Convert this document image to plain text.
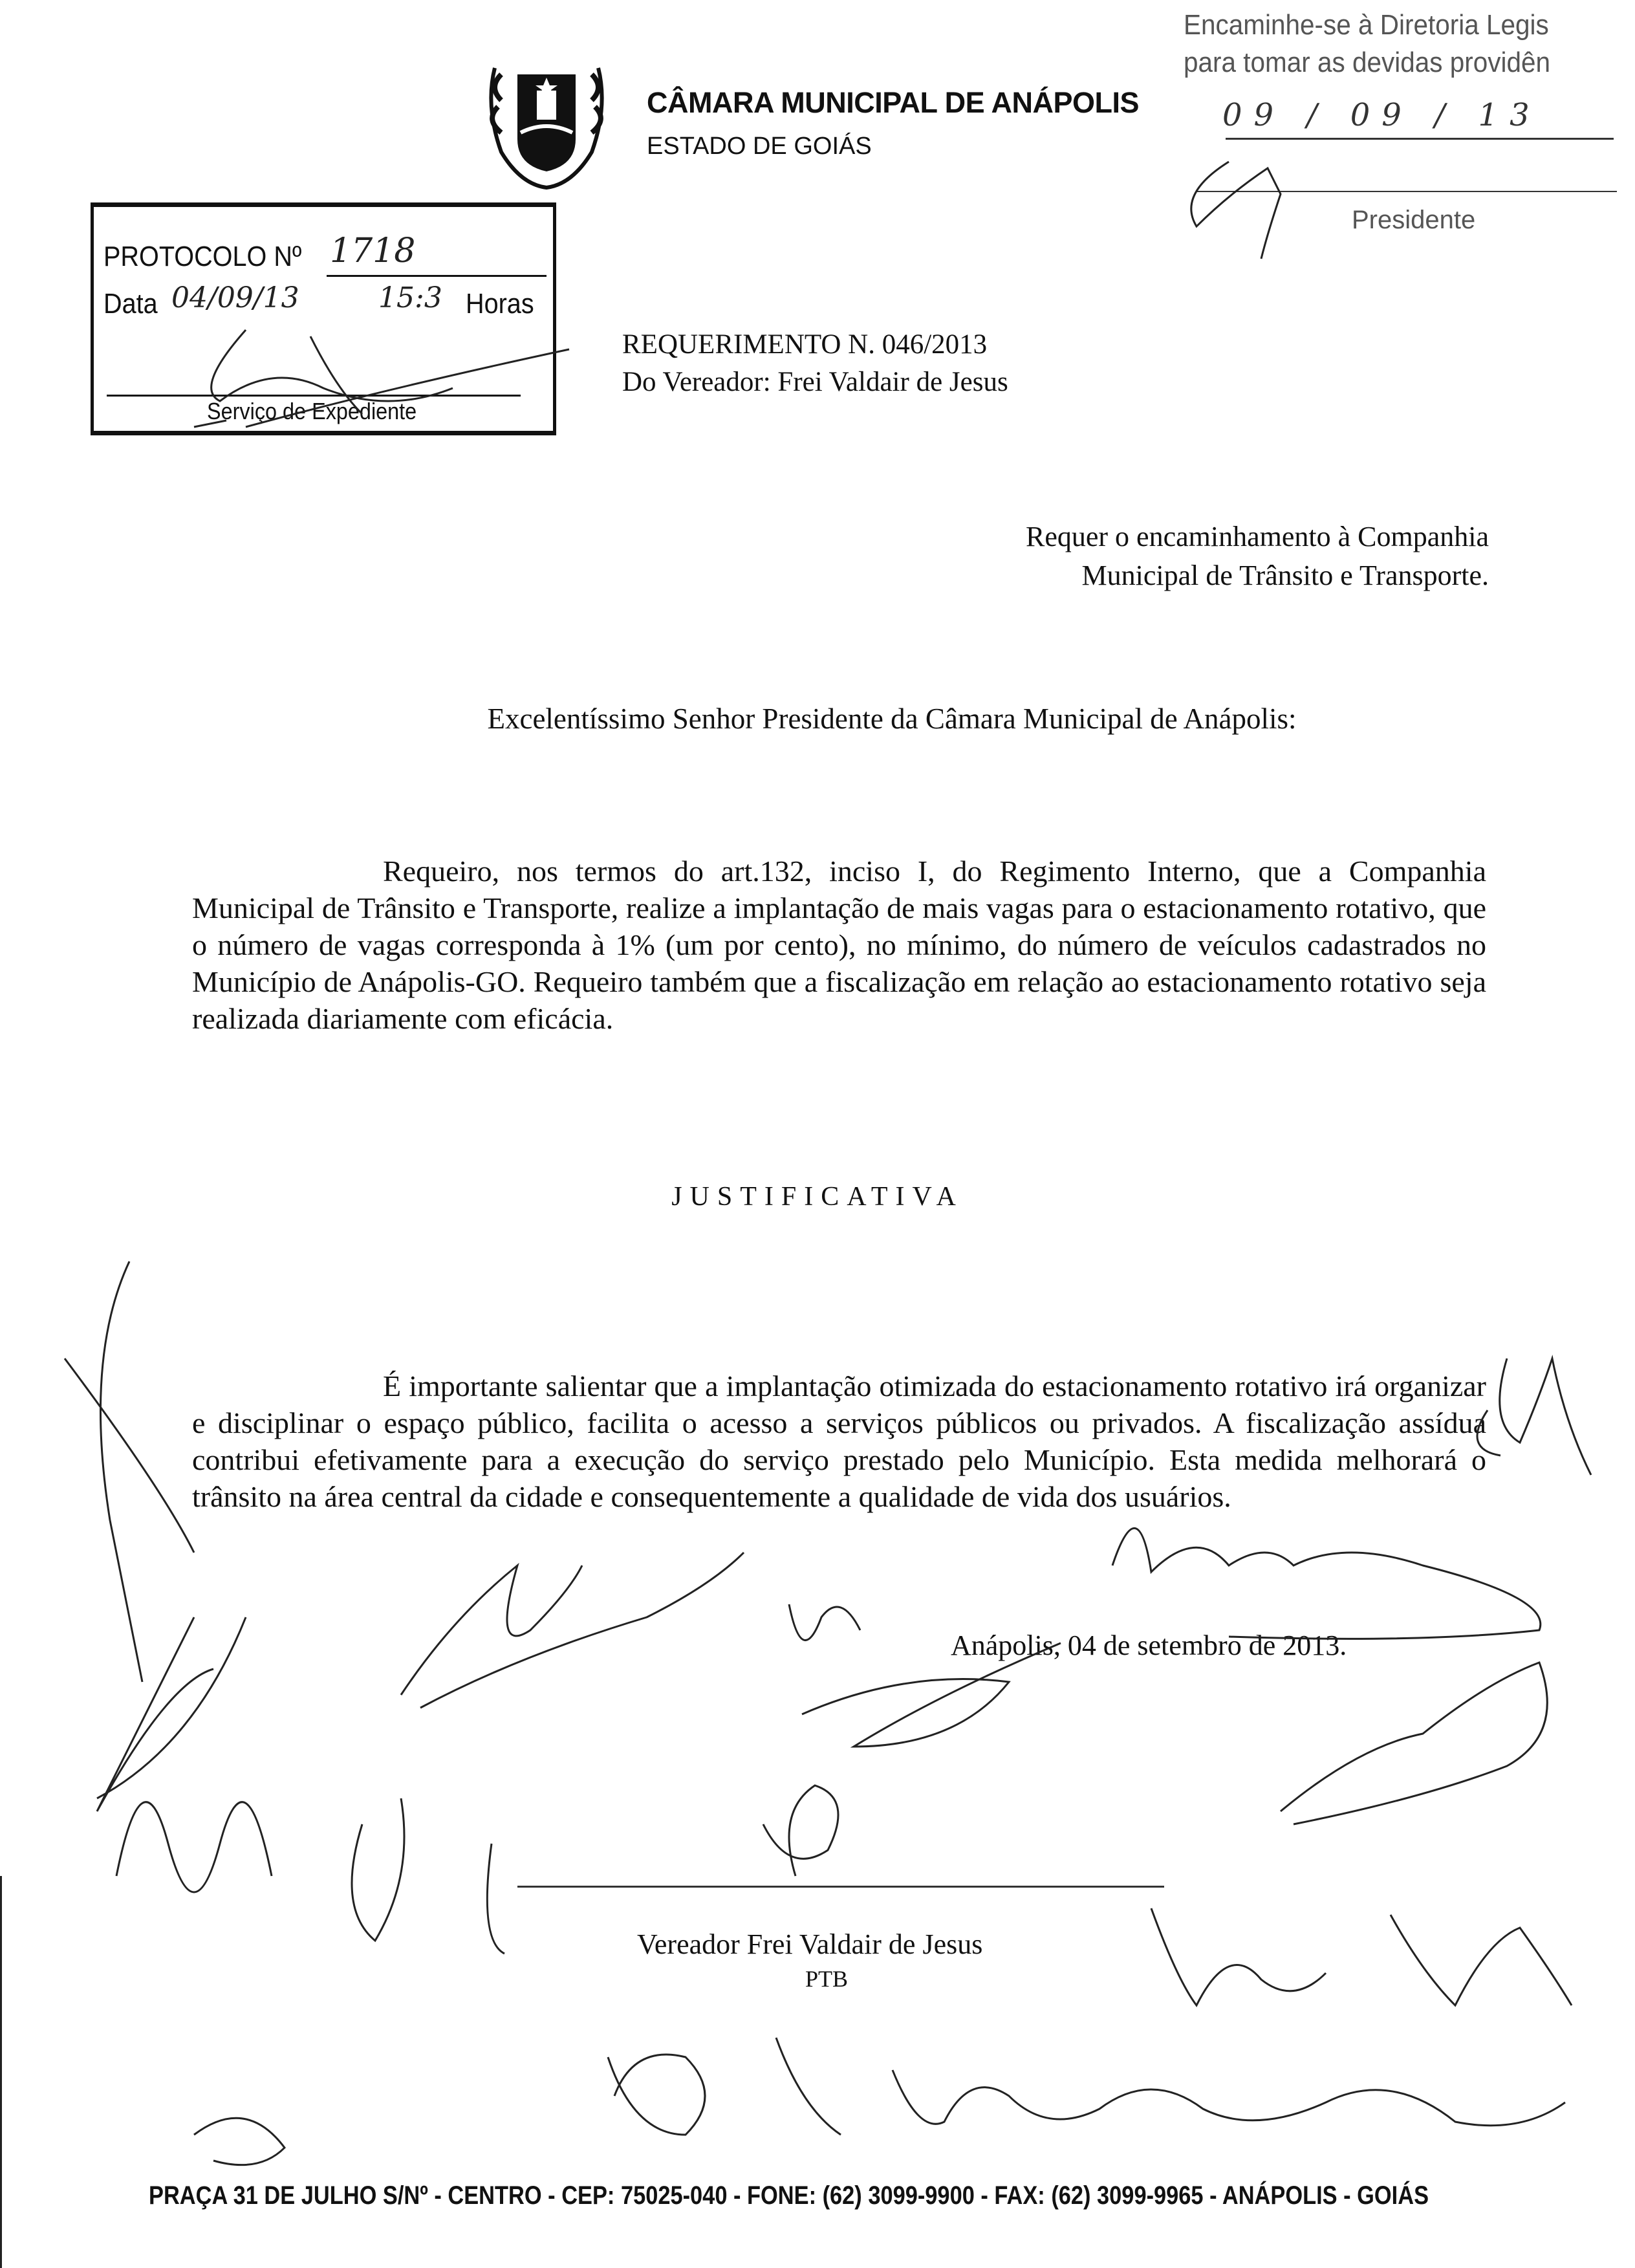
CÂMARA MUNICIPAL DE ANÁPOLIS
ESTADO DE GOIÁS
Encaminhe-se à Diretoria Legis
para tomar as devidas providên
09 / 09 / 13
Presidente
PROTOCOLO Nº 1718
Data 04/09/13	15:3 Horas
Serviço de Expediente
REQUERIMENTO N. 046/2013
Do Vereador: Frei Valdair de Jesus
Requer o encaminhamento à Companhia
Municipal de Trânsito e Transporte.
Excelentíssimo Senhor Presidente da Câmara Municipal de Anápolis:
Requeiro, nos termos do art.132, inciso I, do Regimento Interno, que a Companhia Municipal de Trânsito e Transporte, realize a implantação de mais vagas para o estacionamento rotativo, que o número de vagas corresponda à 1% (um por cento), no mínimo, do número de veículos cadastrados no Município de Anápolis-GO. Requeiro também que a fiscalização em relação ao estacionamento rotativo seja realizada diariamente com eficácia.
JUSTIFICATIVA
É importante salientar que a implantação otimizada do estacionamento rotativo irá organizar e disciplinar o espaço público, facilita o acesso a serviços públicos ou privados. A fiscalização assídua contribui efetivamente para a execução do serviço prestado pelo Município. Esta medida melhorará o trânsito na área central da cidade e consequentemente a qualidade de vida dos usuários.
Anápolis, 04 de setembro de 2013.
Vereador Frei Valdair de Jesus
PTB
PRAÇA 31 DE JULHO S/Nº - CENTRO - CEP: 75025-040 - FONE: (62) 3099-9900 - FAX: (62) 3099-9965 - ANÁPOLIS - GOIÁS
